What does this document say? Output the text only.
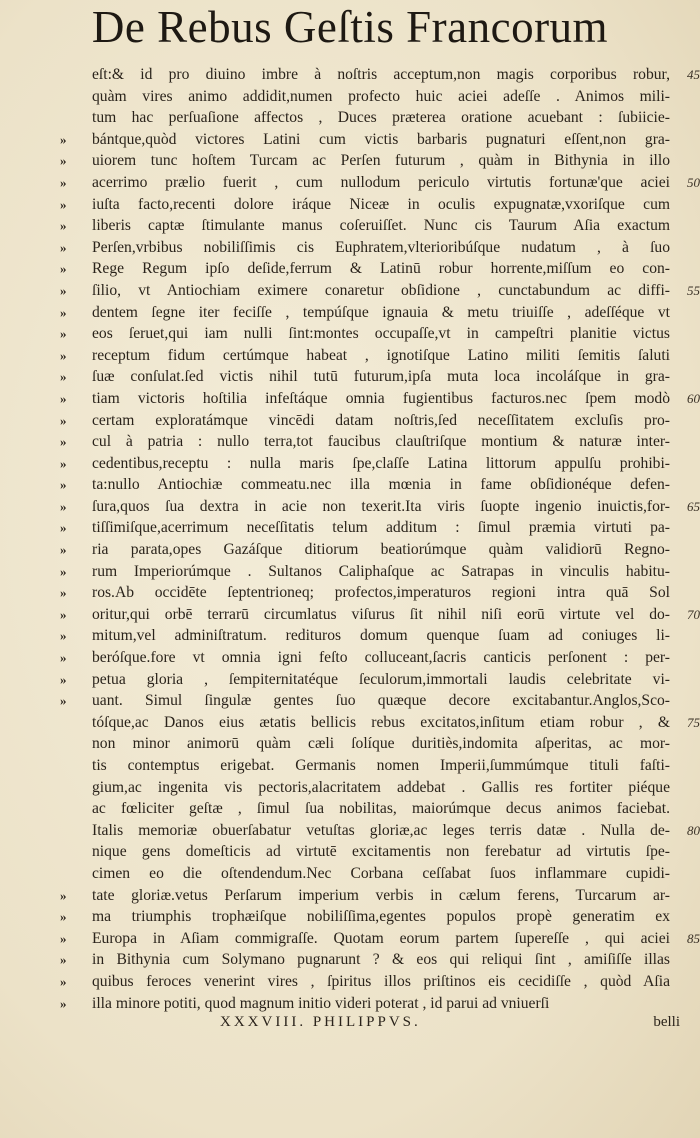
De Rebus Geſtis Francorum
eſt:& id pro diuino imbre à noſtris acceptum,non magis corporibus robur, 45
quàm vires animo addidit,numen profecto huic aciei adeſſe . Animos mili-
tum hac perſuaſione affectos , Duces præterea oratione acuebant : ſubiicie-
» bántque,quòd victores Latini cum victis barbaris pugnaturi eſſent,non gra-
» uiorem tunc hoſtem Turcam ac Perſen futurum , quàm in Bithynia in illo
» acerrimo prælio fuerit , cum nullodum periculo virtutis fortunæ'que aciei 50
» iuſta facto,recenti dolore iráque Niceæ in oculis expugnatæ,vxoriſque cum
» liberis captæ ſtimulante manus coſeruiſſet. Nunc cis Taurum Aſia exactum
» Perſen,vrbibus nobiliſſimis cis Euphratem,vlterioribúſque nudatum , à ſuo
» Rege Regum ipſo deſide,ferrum & Latinū robur horrente,miſſum eo con-
» ſilio, vt Antiochiam eximere conaretur obſidione , cunctabundum ac diffi- 55
» dentem ſegne iter feciſſe , tempúſque ignauia & metu triuiſſe , adeſſéque vt
» eos ſeruet,qui iam nulli ſint:montes occupaſſe,vt in campeſtri planitie victus
» receptum fidum certúmque habeat , ignotiſque Latino militi ſemitis ſaluti
» ſuæ conſulat.ſed victis nihil tutū futurum,ipſa muta loca incoláſque in gra-
» tiam victoris hoſtilia infeſtáque omnia fugientibus facturos.nec ſpem modò 60
» certam exploratámque vincēdi datam noſtris,ſed neceſſitatem excluſis pro-
» cul à patria : nullo terra,tot faucibus clauſtriſque montium & naturæ inter-
» cedentibus,receptu : nulla maris ſpe,claſſe Latina littorum appulſu prohibi-
» ta:nullo Antiochiæ commeatu.nec illa mœnia in fame obſidionéque defen-
» ſura,quos ſua dextra in acie non texerit.Ita viris ſuopte ingenio inuictis,for- 65
» tiſſimiſque,acerrimum neceſſitatis telum additum : ſimul præmia virtuti pa-
» ria parata,opes Gazáſque ditiorum beatiorúmque quàm validiorū Regno-
» rum Imperiorúmque . Sultanos Caliphaſque ac Satrapas in vinculis habitu-
» ros.Ab occidēte ſeptentrioneq; profectos,imperaturos regioni intra quā Sol
» oritur,qui orbē terrarū circumlatus viſurus ſit nihil niſi eorū virtute vel do- 70
» mitum,vel adminiſtratum. redituros domum quenque ſuam ad coniuges li-
» beróſque.fore vt omnia igni feſto colluceant,ſacris canticis perſonent : per-
» petua gloria , ſempiternitatéque ſeculorum,immortali laudis celebritate vi-
» uant. Simul ſingulæ gentes ſuo quæque decore excitabantur.Anglos,Sco-
tóſque,ac Danos eius ætatis bellicis rebus excitatos,inſitum etiam robur , & 75
non minor animorū quàm cæli ſolíque duritiès,indomita aſperitas, ac mor-
tis contemptus erigebat. Germanis nomen Imperii,ſummúmque tituli faſti-
gium,ac ingenita vis pectoris,alacritatem addebat . Gallis res fortiter piéque
ac fœliciter geſtæ , ſimul ſua nobilitas, maiorúmque decus animos faciebat.
Italis memoriæ obuerſabatur vetuſtas gloriæ,ac leges terris datæ . Nulla de- 80
nique gens domeſticis ad virtutē excitamentis non ferebatur ad virtutis ſpe-
cimen eo die oſtendendum.Nec Corbana ceſſabat ſuos inflammare cupidi-
» tate gloriæ.vetus Perſarum imperium verbis in cælum ferens, Turcarum ar-
» ma triumphis trophæiſque nobiliſſima,egentes populos propè generatim ex
» Europa in Aſiam commigraſſe. Quotam eorum partem ſupereſſe , qui aciei 85
» in Bithynia cum Solymano pugnarunt ? & eos qui reliqui ſint , amiſiſſe illas
» quibus feroces venerint vires , ſpiritus illos priſtinos eis cecidiſſe , quòd Aſia
» illa minore potiti, quod magnum initio videri poterat , id parui ad vniuerſi
XXXVIII. PHILIPPVS.	belli
